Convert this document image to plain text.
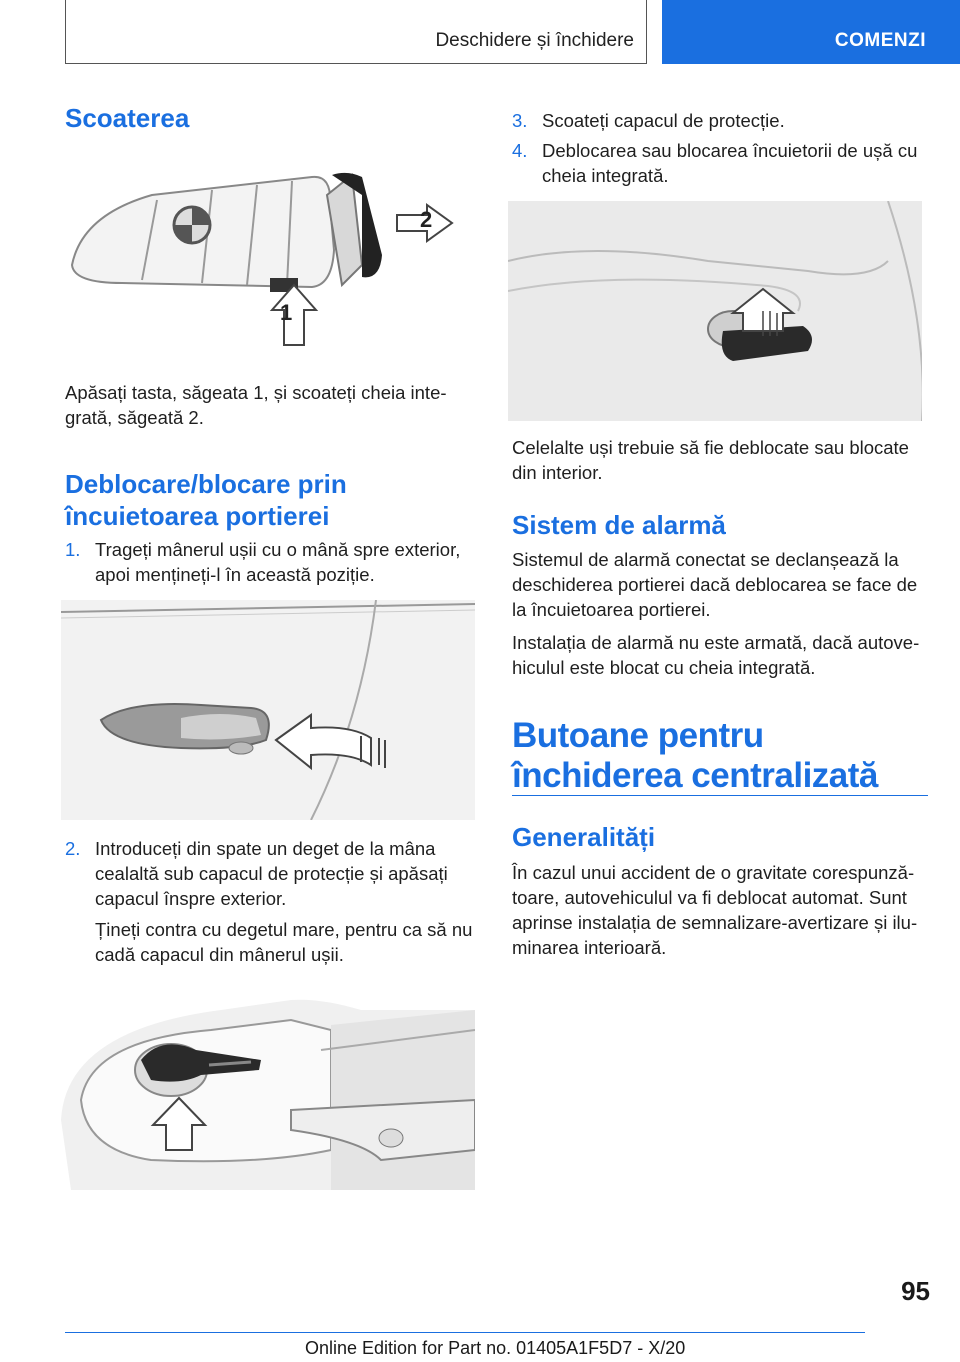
Deschidere și închidere	COMENZI
Scoaterea
1
2

Apăsați tasta, săgeata 1, și scoateți cheia integrată, săgeată 2.

Deblocare/blocare prin încuietoarea portierei
1. Trageți mânerul ușii cu o mână spre exterior, apoi mențineți-l în această poziție.
2. Introduceți din spate un deget de la mâna cealaltă sub capacul de protecție și apăsați capacul înspre exterior.

Țineți contra cu degetul mare, pentru ca să nu cadă capacul din mânerul ușii.

3. Scoateți capacul de protecție.
4. Deblocarea sau blocarea încuietorii de ușă cu cheia integrată.

Celelalte uși trebuie să fie deblocate sau blocate din interior.

Sistem de alarmă

Sistemul de alarmă conectat se declanșează la deschiderea portierei dacă deblocarea se face de la încuietoarea portierei.

Instalația de alarmă nu este armată, dacă autovehiculul este blocat cu cheia integrată.

Butoane pentru închiderea centralizată
Generalități

În cazul unui accident de o gravitate corespunzătoare, autovehiculul va fi deblocat automat. Sunt aprinse instalația de semnalizare-avertizare și iluminarea interioară.

95
Online Edition for Part no. 01405A1F5D7 - X/20
